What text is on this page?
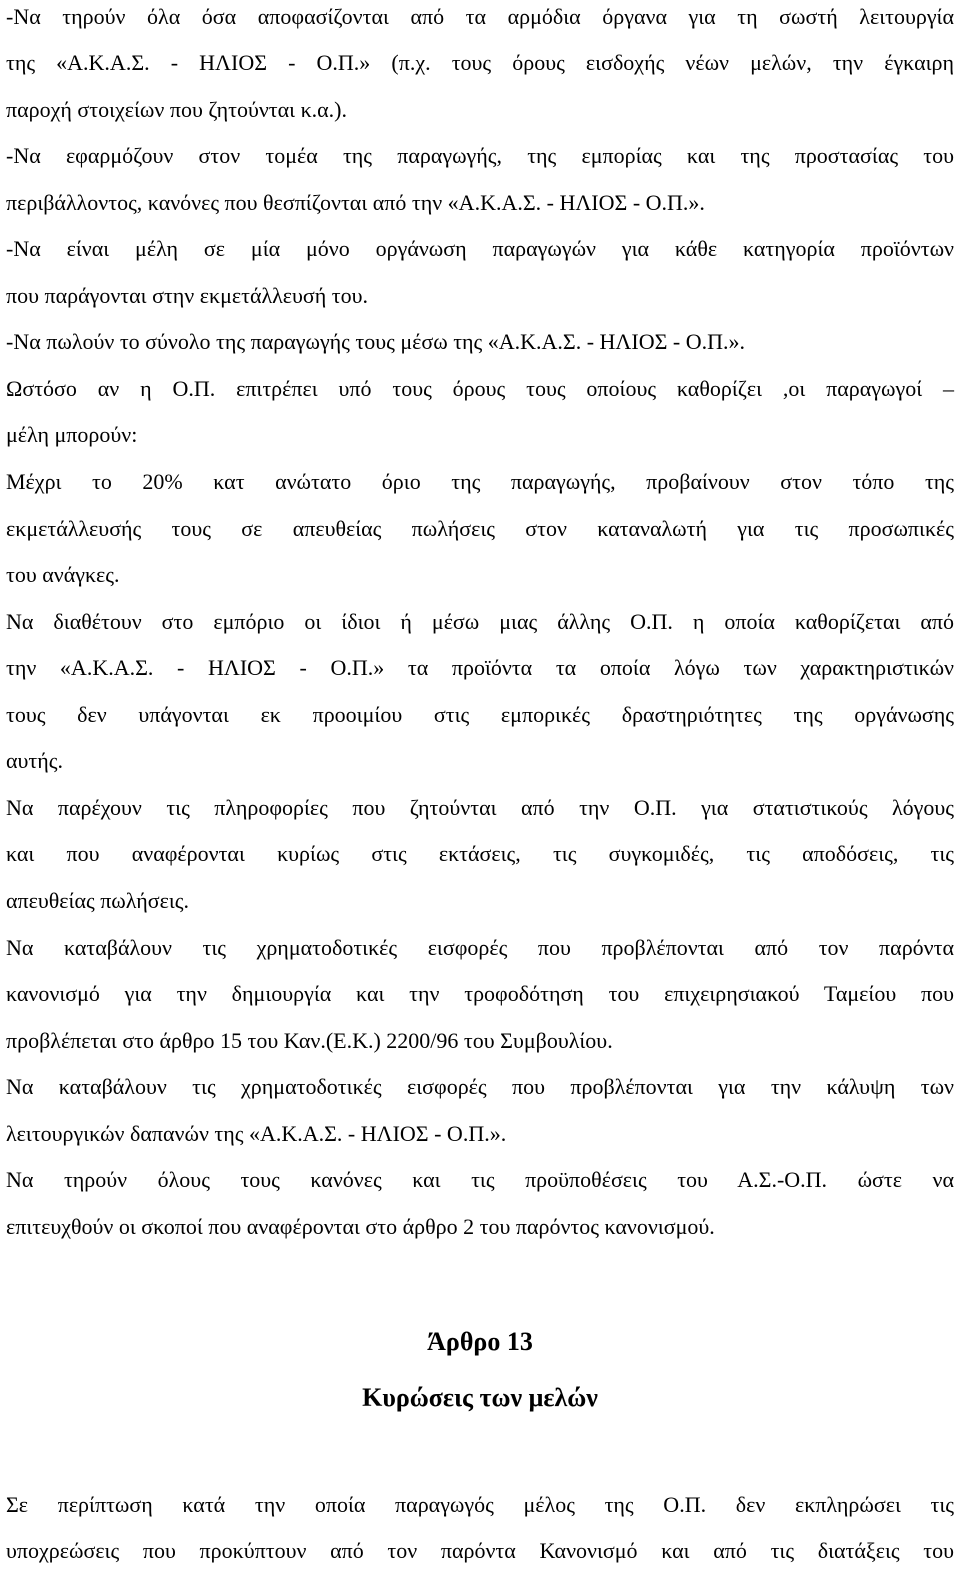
-Να τηρούν όλα όσα αποφασίζονται από τα αρμόδια όργανα για τη σωστή λειτουργία
της «Α.Κ.Α.Σ. - ΗΛΙΟΣ - Ο.Π.» (π.χ. τους όρους εισδοχής νέων μελών, την έγκαιρη
παροχή στοιχείων που ζητούνται κ.α.).
-Να εφαρμόζουν στον τομέα της παραγωγής, της εμπορίας και της προστασίας του
περιβάλλοντος, κανόνες που θεσπίζονται από την «Α.Κ.Α.Σ. - ΗΛΙΟΣ - Ο.Π.».
-Να είναι μέλη σε μία μόνο οργάνωση παραγωγών για κάθε κατηγορία προϊόντων
που παράγονται στην εκμετάλλευσή του.
-Να πωλούν το σύνολο της παραγωγής τους μέσω της «Α.Κ.Α.Σ. - ΗΛΙΟΣ - Ο.Π.».
Ωστόσο αν η Ο.Π. επιτρέπει υπό τους όρους τους οποίους καθορίζει ,οι παραγωγοί –
μέλη μπορούν:
Μέχρι το 20% κατ ανώτατο όριο της παραγωγής, προβαίνουν στον τόπο της
εκμετάλλευσής τους σε απευθείας πωλήσεις στον καταναλωτή για τις προσωπικές
του ανάγκες.
Να διαθέτουν στο εμπόριο οι ίδιοι ή μέσω μιας άλλης Ο.Π. η οποία καθορίζεται από
την «Α.Κ.Α.Σ. - ΗΛΙΟΣ - Ο.Π.» τα προϊόντα τα οποία λόγω των χαρακτηριστικών
τους δεν υπάγονται εκ προοιμίου στις εμπορικές δραστηριότητες της οργάνωσης
αυτής.
Να παρέχουν τις πληροφορίες που ζητούνται από την Ο.Π. για στατιστικούς λόγους
και που αναφέρονται κυρίως στις εκτάσεις, τις συγκομιδές, τις αποδόσεις, τις
απευθείας πωλήσεις.
Να καταβάλουν τις χρηματοδοτικές εισφορές που προβλέπονται από τον παρόντα
κανονισμό για την δημιουργία και την τροφοδότηση του επιχειρησιακού Ταμείου που
προβλέπεται στο άρθρο 15 του Καν.(Ε.Κ.) 2200/96 του Συμβουλίου.
Να καταβάλουν τις χρηματοδοτικές εισφορές που προβλέπονται για την κάλυψη των
λειτουργικών δαπανών της «Α.Κ.Α.Σ. - ΗΛΙΟΣ - Ο.Π.».
Να τηρούν όλους τους κανόνες και τις προϋποθέσεις του Α.Σ.-Ο.Π. ώστε να
επιτευχθούν οι σκοποί που αναφέρονται στο άρθρο 2 του παρόντος κανονισμού.
Άρθρο 13
Κυρώσεις των μελών
Σε περίπτωση κατά την οποία παραγωγός μέλος της Ο.Π. δεν εκπληρώσει τις
υποχρεώσεις που προκύπτουν από τον παρόντα Κανονισμό και από τις διατάξεις του
